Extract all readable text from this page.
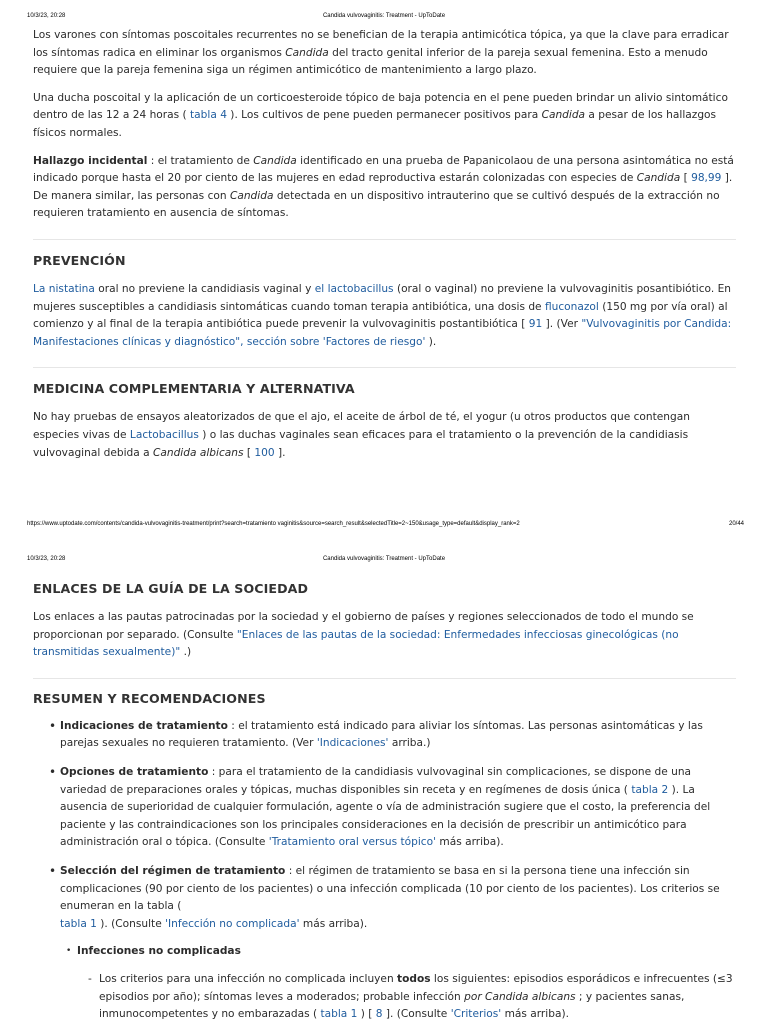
10/3/23, 20:28	Candida vulvovaginitis: Treatment - UpToDate

Los varones con síntomas poscoitales recurrentes no se benefician de la terapia antimicótica tópica, ya que la clave para erradicar los síntomas radica en eliminar los organismos Candida del tracto genital inferior de la pareja sexual femenina. Esto a menudo requiere que la pareja femenina siga un régimen antimicótico de mantenimiento a largo plazo.

Una ducha poscoital y la aplicación de un corticoesteroide tópico de baja potencia en el pene pueden brindar un alivio sintomático dentro de las 12 a 24 horas ( tabla 4 ). Los cultivos de pene pueden permanecer positivos para Candida a pesar de los hallazgos físicos normales.

Hallazgo incidental : el tratamiento de Candida identificado en una prueba de Papanicolaou de una persona asintomática no está indicado porque hasta el 20 por ciento de las mujeres en edad reproductiva estarán colonizadas con especies de Candida [ 98,99 ]. De manera similar, las personas con Candida detectada en un dispositivo intrauterino que se cultivó después de la extracción no requieren tratamiento en ausencia de síntomas.

PREVENCIÓN

La nistatina oral no previene la candidiasis vaginal y el lactobacillus (oral o vaginal) no previene la vulvovaginitis posantibiótico. En mujeres susceptibles a candidiasis sintomáticas cuando toman terapia antibiótica, una dosis de fluconazol (150 mg por vía oral) al comienzo y al final de la terapia antibiótica puede prevenir la vulvovaginitis postantibiótica [ 91 ]. (Ver "Vulvovaginitis por Candida: Manifestaciones clínicas y diagnóstico", sección sobre 'Factores de riesgo' ).

MEDICINA COMPLEMENTARIA Y ALTERNATIVA

No hay pruebas de ensayos aleatorizados de que el ajo, el aceite de árbol de té, el yogur (u otros productos que contengan especies vivas de Lactobacillus ) o las duchas vaginales sean eficaces para el tratamiento o la prevención de la candidiasis vulvovaginal debida a Candida albicans [ 100 ].

https://www.uptodate.com/contents/candida-vulvovaginitis-treatment/print?search=tratamiento vaginitis&source=search_result&selectedTitle=2~150&usage_type=default&display_rank=2	20/44
10/3/23, 20:28	Candida vulvovaginitis: Treatment - UpToDate
ENLACES DE LA GUÍA DE LA SOCIEDAD

Los enlaces a las pautas patrocinadas por la sociedad y el gobierno de países y regiones seleccionados de todo el mundo se proporcionan por separado. (Consulte "Enlaces de las pautas de la sociedad: Enfermedades infecciosas ginecológicas (no transmitidas sexualmente)" .)

RESUMEN Y RECOMENDACIONES
• Indicaciones de tratamiento : el tratamiento está indicado para aliviar los síntomas. Las personas asintomáticas y las parejas sexuales no requieren tratamiento. (Ver 'Indicaciones' arriba.)
• Opciones de tratamiento : para el tratamiento de la candidiasis vulvovaginal sin complicaciones, se dispone de una variedad de preparaciones orales y tópicas, muchas disponibles sin receta y en regímenes de dosis única ( tabla 2 ). La ausencia de superioridad de cualquier formulación, agente o vía de administración sugiere que el costo, la preferencia del paciente y las contraindicaciones son los principales consideraciones en la decisión de prescribir un antimicótico para administración oral o tópica. (Consulte 'Tratamiento oral versus tópico' más arriba).
• Selección del régimen de tratamiento : el régimen de tratamiento se basa en si la persona tiene una infección sin complicaciones (90 por ciento de los pacientes) o una infección complicada (10 por ciento de los pacientes). Los criterios se enumeran en la tabla (
tabla 1 ). (Consulte 'Infección no complicada' más arriba).
• Infecciones no complicadas
- Los criterios para una infección no complicada incluyen todos los siguientes: episodios esporádicos e infrecuentes (≤3 episodios por año); síntomas leves a moderados; probable infección por Candida albicans ; y pacientes sanas, inmunocompetentes y no embarazadas ( tabla 1 ) [ 8 ]. (Consulte 'Criterios' más arriba).
